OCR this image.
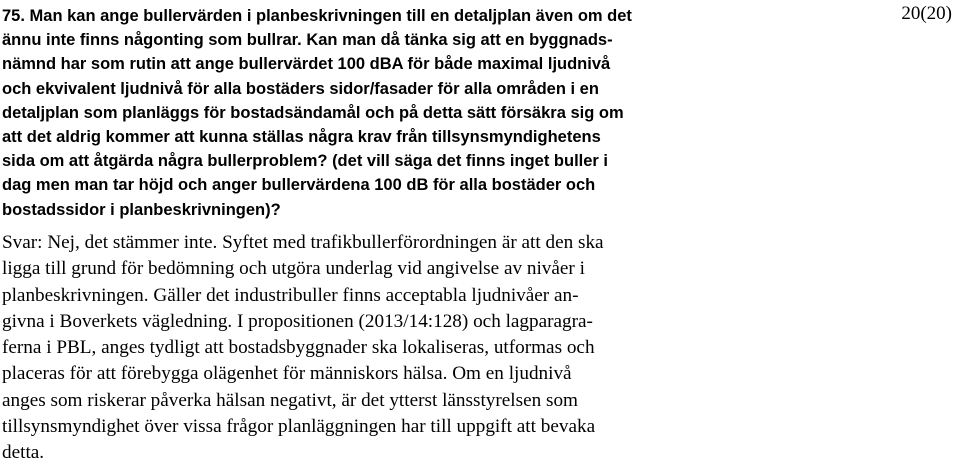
20(20)

75. Man kan ange bullervärden i planbeskrivningen till en detaljplan även om det
ännu inte finns någonting som bullrar. Kan man då tänka sig att en byggnads-
nämnd har som rutin att ange bullervärdet 100 dBA för både maximal ljudnivå
och ekvivalent ljudnivå för alla bostäders sidor/fasader för alla områden i en
detaljplan som planläggs för bostadsändamål och på detta sätt försäkra sig om
att det aldrig kommer att kunna ställas några krav från tillsynsmyndighetens
sida om att åtgärda några bullerproblem? (det vill säga det finns inget buller i
dag men man tar höjd och anger bullervärdena 100 dB för alla bostäder och
bostadssidor i planbeskrivningen)?

Svar: Nej, det stämmer inte. Syftet med trafikbullerförordningen är att den ska
ligga till grund för bedömning och utgöra underlag vid angivelse av nivåer i
planbeskrivningen. Gäller det industribuller finns acceptabla ljudnivåer an-
givna i Boverkets vägledning. I propositionen (2013/14:128) och lagparagra-
ferna i PBL, anges tydligt att bostadsbyggnader ska lokaliseras, utformas och
placeras för att förebygga olägenhet för människors hälsa. Om en ljudnivå
anges som riskerar påverka hälsan negativt, är det ytterst länsstyrelsen som
tillsynsmyndighet över vissa frågor planläggningen har till uppgift att bevaka
detta.
